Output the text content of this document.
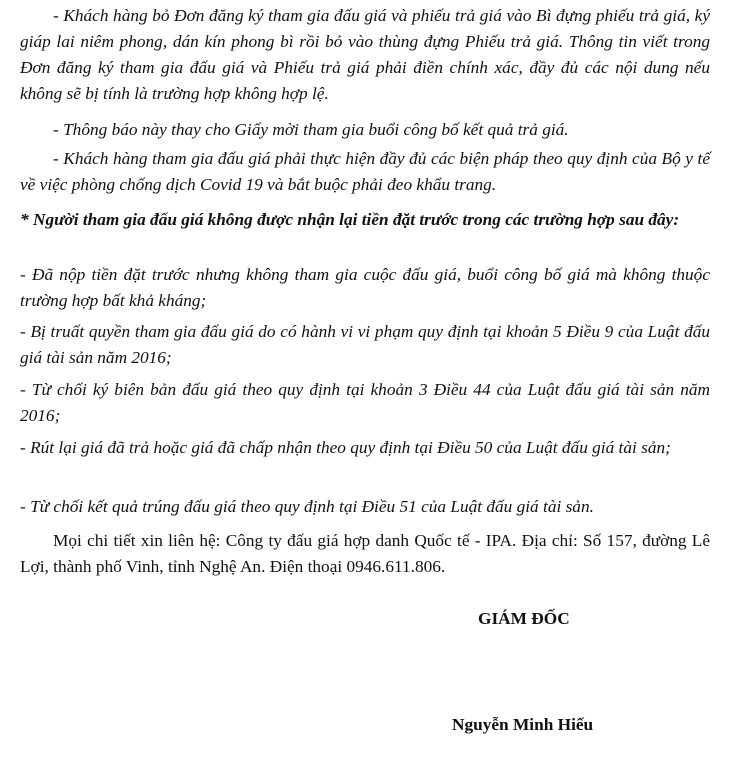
- Khách hàng bỏ Đơn đăng ký tham gia đấu giá và phiếu trả giá vào Bì đựng phiếu trả giá, ký giáp lai niêm phong, dán kín phong bì rồi bỏ vào thùng đựng Phiếu trả giá. Thông tin viết trong Đơn đăng ký tham gia đấu giá và Phiếu trả giá phải điền chính xác, đầy đủ các nội dung nếu không sẽ bị tính là trường hợp không hợp lệ.

- Thông báo này thay cho Giấy mời tham gia buổi công bố kết quả trả giá.

- Khách hàng tham gia đấu giá phải thực hiện đầy đủ các biện pháp theo quy định của Bộ y tế về việc phòng chống dịch Covid 19 và bắt buộc phải đeo khẩu trang.

* Người tham gia đấu giá không được nhận lại tiền đặt trước trong các trường hợp sau đây:

- Đã nộp tiền đặt trước nhưng không tham gia cuộc đấu giá, buổi công bố giá mà không thuộc trường hợp bất khả kháng;

- Bị truất quyền tham gia đấu giá do có hành vi vi phạm quy định tại khoản 5 Điều 9 của Luật đấu giá tài sản năm 2016;

- Từ chối ký biên bản đấu giá theo quy định tại khoản 3 Điều 44 của Luật đấu giá tài sản năm 2016;

- Rút lại giá đã trả hoặc giá đã chấp nhận theo quy định tại Điều 50 của Luật đấu giá tài sản;

- Từ chối kết quả trúng đấu giá theo quy định tại Điều 51 của Luật đấu giá tài sản.

Mọi chi tiết xin liên hệ: Công ty đấu giá hợp danh Quốc tế - IPA. Địa chỉ: Số 157, đường Lê Lợi, thành phố Vinh, tỉnh Nghệ An. Điện thoại 0946.611.806.

GIÁM ĐỐC
Nguyễn Minh Hiếu
